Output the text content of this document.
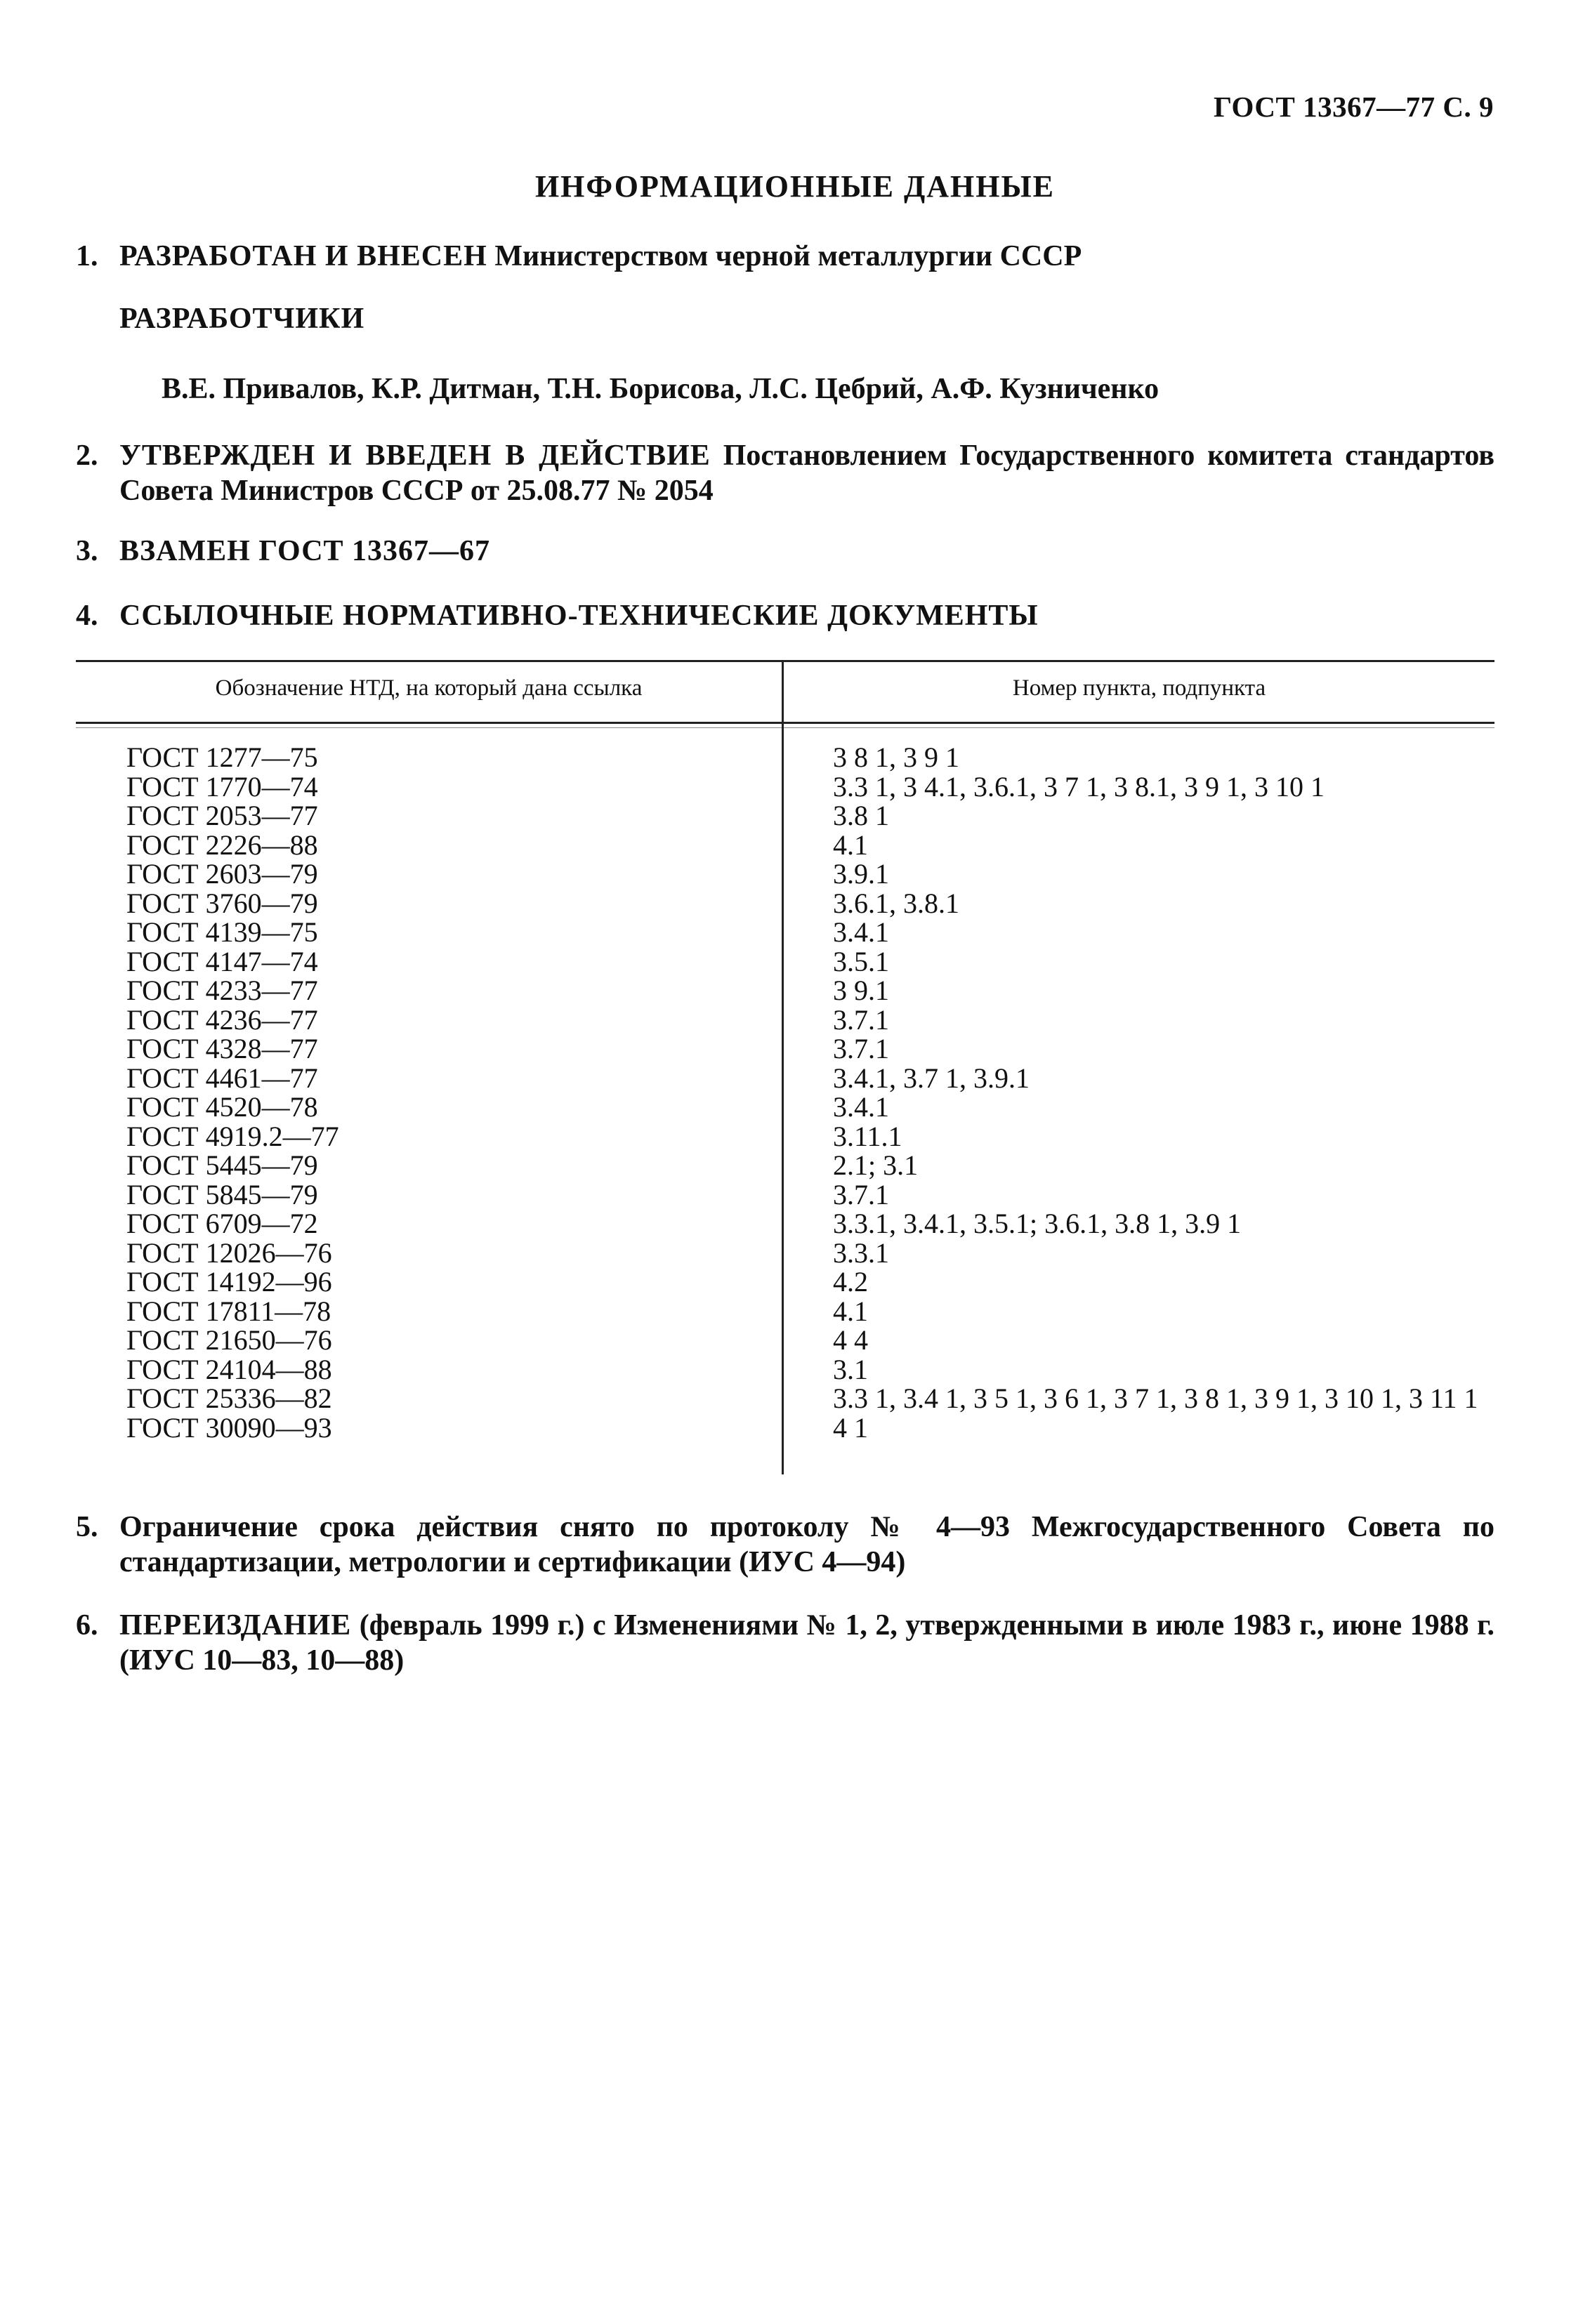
ГОСТ 13367—77 С. 9
ИНФОРМАЦИОННЫЕ ДАННЫЕ
1. РАЗРАБОТАН И ВНЕСЕН Министерством черной металлургии СССР
РАЗРАБОТЧИКИ
В.Е. Привалов, К.Р. Дитман, Т.Н. Борисова, Л.С. Цебрий, А.Ф. Кузниченко
2. УТВЕРЖДЕН И ВВЕДЕН В ДЕЙСТВИЕ Постановлением Государственного комитета стандартов Совета Министров СССР от 25.08.77 № 2054
3. ВЗАМЕН ГОСТ 13367—67
4. ССЫЛОЧНЫЕ НОРМАТИВНО-ТЕХНИЧЕСКИЕ ДОКУМЕНТЫ
Обозначение НТД, на который дана ссылка	Номер пункта, подпункта
ГОСТ 1277—75	3 8 1, 3 9 1
ГОСТ 1770—74	3.3 1, 3 4.1, 3.6.1, 3 7 1, 3 8.1, 3 9 1, 3 10 1
ГОСТ 2053—77	3.8 1
ГОСТ 2226—88	4.1
ГОСТ 2603—79	3.9.1
ГОСТ 3760—79	3.6.1, 3.8.1
ГОСТ 4139—75	3.4.1
ГОСТ 4147—74	3.5.1
ГОСТ 4233—77	3 9.1
ГОСТ 4236—77	3.7.1
ГОСТ 4328—77	3.7.1
ГОСТ 4461—77	3.4.1, 3.7 1, 3.9.1
ГОСТ 4520—78	3.4.1
ГОСТ 4919.2—77	3.11.1
ГОСТ 5445—79	2.1; 3.1
ГОСТ 5845—79	3.7.1
ГОСТ 6709—72	3.3.1, 3.4.1, 3.5.1; 3.6.1, 3.8 1, 3.9 1
ГОСТ 12026—76	3.3.1
ГОСТ 14192—96	4.2
ГОСТ 17811—78	4.1
ГОСТ 21650—76	4 4
ГОСТ 24104—88	3.1
ГОСТ 25336—82	3.3 1, 3.4 1, 3 5 1, 3 6 1, 3 7 1, 3 8 1, 3 9 1, 3 10 1, 3 11 1
ГОСТ 30090—93	4 1
5. Ограничение срока действия снято по протоколу № 4—93 Межгосударственного Совета по стандартизации, метрологии и сертификации (ИУС 4—94)
6. ПЕРЕИЗДАНИЕ (февраль 1999 г.) с Изменениями № 1, 2, утвержденными в июле 1983 г., июне 1988 г. (ИУС 10—83, 10—88)
